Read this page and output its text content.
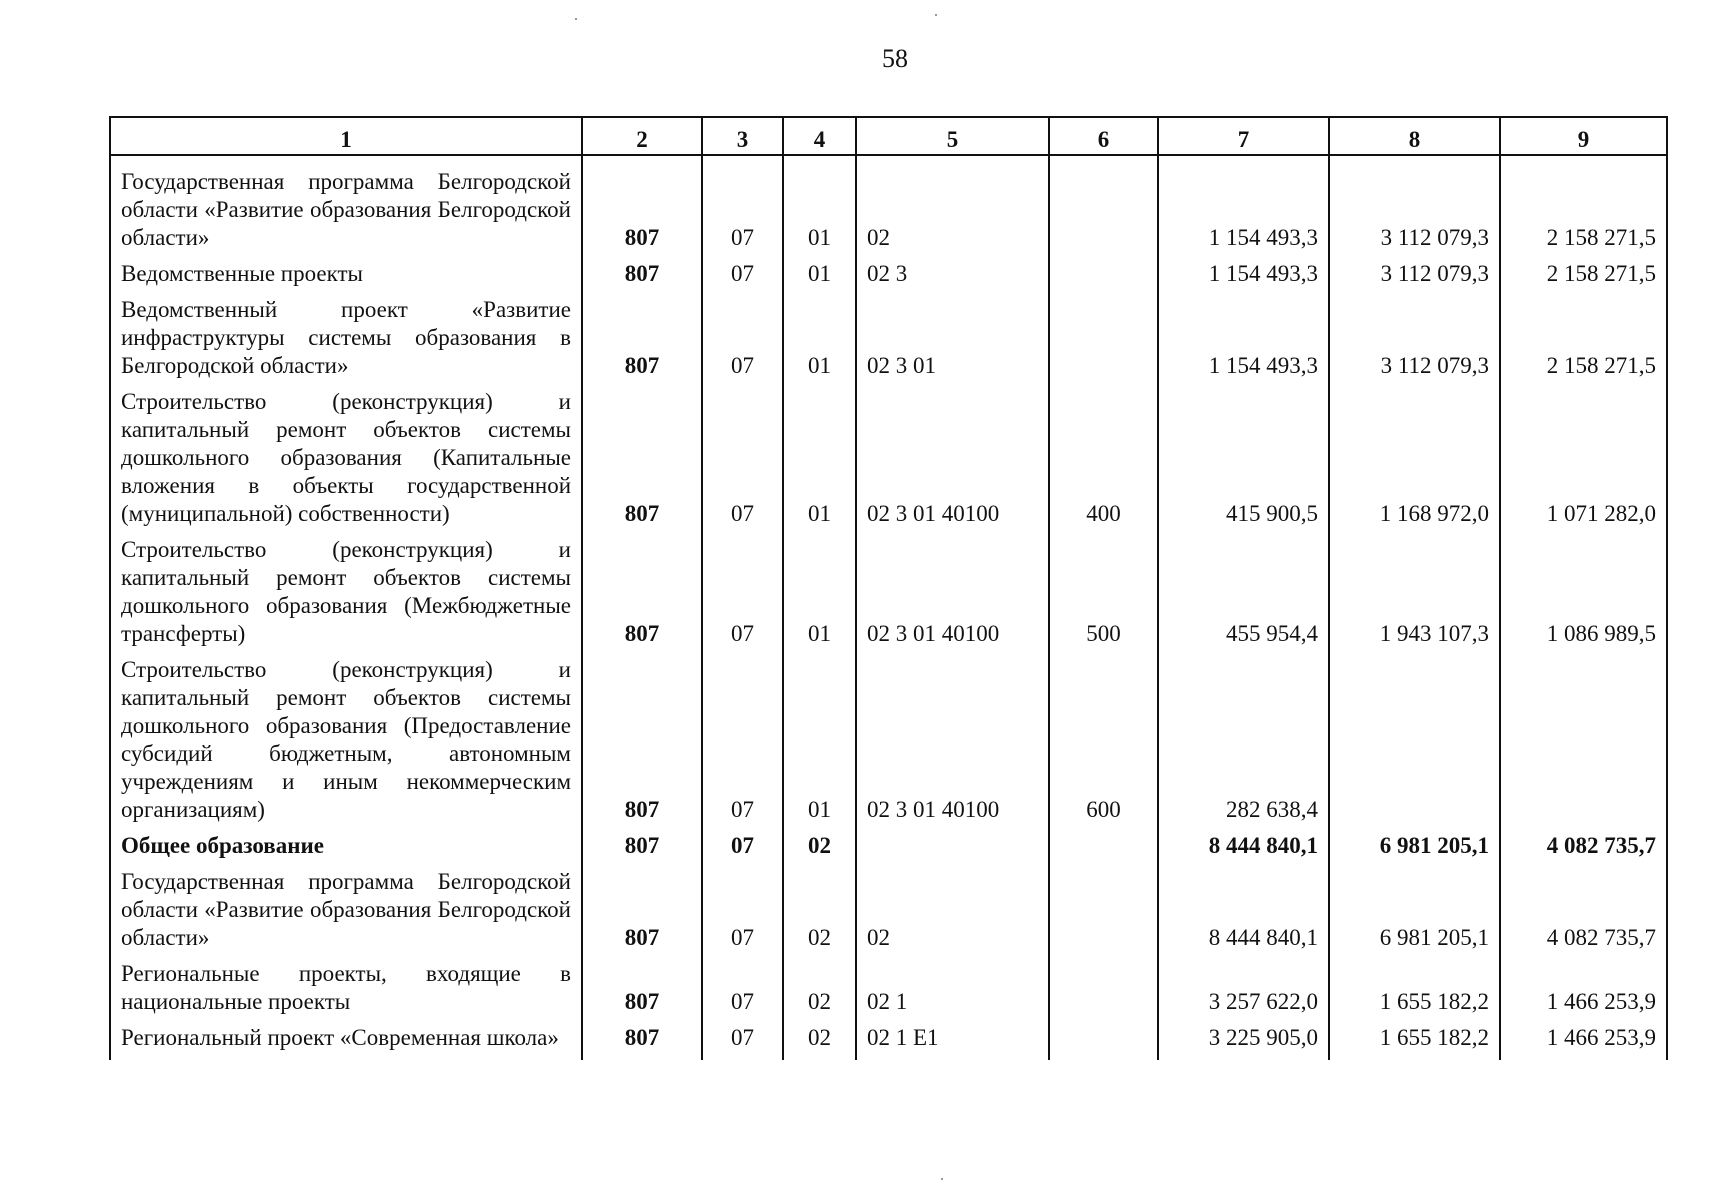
58
1	2	3	4	5	6	7	8	9
Государственная программа Белгородской области «Развитие образования Белгородской области»	807	07	01	02		1 154 493,3	3 112 079,3	2 158 271,5
Ведомственные проекты	807	07	01	02 3		1 154 493,3	3 112 079,3	2 158 271,5
Ведомственный проект «Развитие инфраструктуры системы образования в Белгородской области»	807	07	01	02 3 01		1 154 493,3	3 112 079,3	2 158 271,5
Строительство (реконструкция) и капитальный ремонт объектов системы дошкольного образования (Капитальные вложения в объекты государственной (муниципальной) собственности)	807	07	01	02 3 01 40100	400	415 900,5	1 168 972,0	1 071 282,0
Строительство (реконструкция) и капитальный ремонт объектов системы дошкольного образования (Межбюджетные трансферты)	807	07	01	02 3 01 40100	500	455 954,4	1 943 107,3	1 086 989,5
Строительство (реконструкция) и капитальный ремонт объектов системы дошкольного образования (Предоставление субсидий бюджетным, автономным учреждениям и иным некоммерческим организациям)	807	07	01	02 3 01 40100	600	282 638,4		
Общее образование	807	07	02			8 444 840,1	6 981 205,1	4 082 735,7
Государственная программа Белгородской области «Развитие образования Белгородской области»	807	07	02	02		8 444 840,1	6 981 205,1	4 082 735,7
Региональные проекты, входящие в национальные проекты	807	07	02	02 1		3 257 622,0	1 655 182,2	1 466 253,9
Региональный проект «Современная школа»	807	07	02	02 1 E1		3 225 905,0	1 655 182,2	1 466 253,9
